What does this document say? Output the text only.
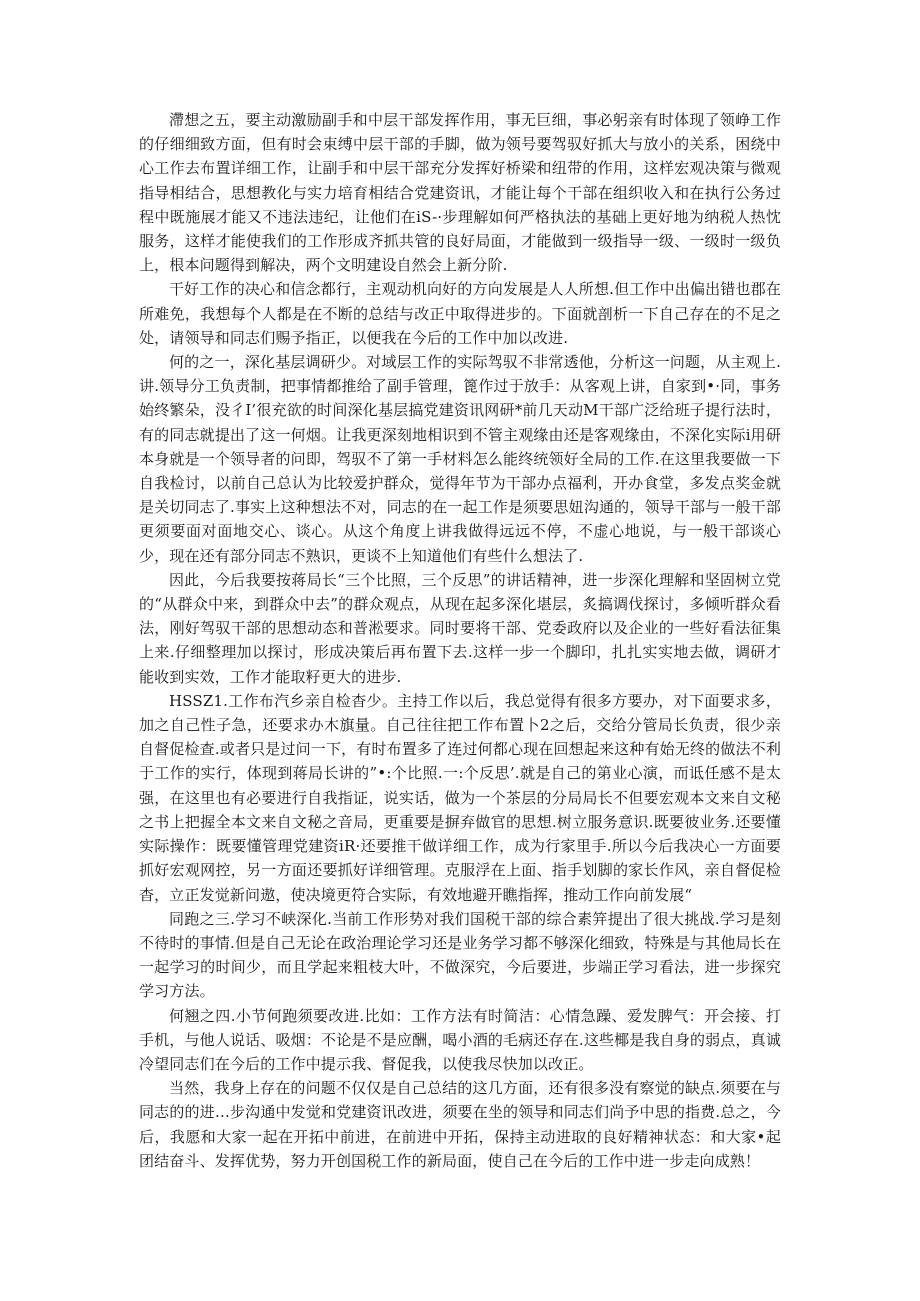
滯想之五，要主动激励副手和中层干部发挥作用，事无巨细，事必躬亲有时体现了领峥工作的仔细细致方面，但有时会束缚中层干部的手脚，做为领号要驾驭好抓大与放小的关系，困绕中心工作去布置详细工作，让副手和中层干部充分发挥好桥梁和纽带的作用，这样宏观决策与微观指导相结合，思想教化与实力培育相结合党建资讯，才能让每个干部在组织收入和在执行公务过程中既施展才能又不违法违纪，让他们在iS-·步理解如何严格执法的基础上更好地为纳税人热忱服务，这样才能使我们的工作形成齐抓共管的良好局面，才能做到一级指导一级、一级时一级负上，根本问题得到解决，两个文明建设自然会上新分阶.

干好工作的决心和信念都行，主观动机向好的方向发展是人人所想.但工作中出偏出错也郡在所难免，我想每个人都是在不断的总结与改正中取得进步的。下面就剖析一下自己存在的不足之处，请领导和同志们赐予指正，以便我在今后的工作中加以改进.

何的之一，深化基层调研少。对域层工作的实际驾驭不非常透他，分析这一问题，从主观上.讲.领导分工负责制，把事情都推给了副手管理，篦作过于放手：从客观上讲，自家到•·同，事务始终繁朵，没彳I’很充欲的时间深化基层搞党建资讯网研*前几天动M干部广泛给班子提行法时，有的同志就提出了这一何烟。让我更深刻地相识到不管主观缘由还是客观缘由，不深化实际i用研本身就是一个领导者的问即，驾驭不了第一手材料怎么能终统领好全局的工作.在这里我要做一下自我检讨，以前自己总认为比较爱护群众，觉得年节为干部办点福利，开办食堂，多发点奖金就是关切同志了.事实上这种想法不对，同志的在一起工作是须要思妞沟通的，领导干部与一般干部更须要面对面地交心、谈心。从这个角度上讲我做得远远不停，不虚心地说，与一般干部谈心少，现在还有部分同志不熟识，更谈不上知道他们有些什么想法了.

因此，今后我要按蒋局长“三个比照，三个反思”的讲话精神，进一步深化理解和坚固树立党的“从群众中来，到群众中去”的群众观点，从现在起多深化堪层，炙搞调伐探讨，多倾听群众看法，刚好驾驭干部的思想动态和普淞要求。同时要将干部、党委政府以及企业的一些好看法征集上来.仔细整理加以探讨，形成决策后再布置下去.这样一步一个脚印，扎扎实实地去做，调研才能收到实效，工作才能取籽更大的进步.

HSSZ1.工作布汽乡亲自检杳少。主持工作以后，我总觉得有很多方要办，对下面要求多，加之自己性子急，还要求办木旗量。自己往往把工作布置卜2之后，交给分管局长负责，很少亲自督促检查.或者只是过问一下，有时布置多了连过何都心现在回想起来这种有始无终的做法不利于工作的实行，体现到蒋局长讲的”•:个比照.一:个反思’.就是自己的第业心演，而诋任感不是太强，在这里也有必要进行自我指证，说实话，做为一个茶层的分局局长不但要宏观本文来自文秘之书上把握全本文来自文秘之音局，更重要是摒弃做官的思想.树立服务意识.既要彼业务.还要懂实际操作：既要懂管理党建资iR·还要推干做详细工作，成为行家里手.所以今后我决心一方面要抓好宏观网控，另一方面还要抓好详细管理。克服浮在上面、指手划脚的家长作风，亲自督促检杳，立正发觉新问遨，使决境更符合实际，有效地避开瞧指挥，推动工作向前发展“

同跑之三.学习不峡深化.当前工作形势对我们国税干部的综合素笄提出了很大挑战.学习是刻不待时的事情.但是自己无论在政治理论学习还是业务学习都不够深化细致，特殊是与其他局长在一起学习的时间少，而且学起来粗枝大叶，不做深究，今后要进，步端正学习看法，进一步探究学习方法。

何翘之四.小节何跑须要改进.比如：工作方法有时简洁：心情急躁、爱发脾气：开会接、打手机，与他人说话、吸烟：不论是不是应酬，喝小酒的毛病还存在.这些椰是我自身的弱点，真诚冷望同志们在今后的工作中提示我、督促我，以使我尽快加以改正。

当然，我身上存在的问题不仅仅是自己总结的这几方面，还有很多没有察觉的缺点.须要在与同志的的进…步沟通中发觉和党建资讯改进，须要在坐的领导和同志们尚予中思的指费.总之，今后，我愿和大家一起在开拓中前进，在前进中开拓，保持主动进取的良好精神状态：和大家•起团结奋斗、发挥优势，努力开创国税工作的新局面，使自己在今后的工作中进一步走向成熟！
